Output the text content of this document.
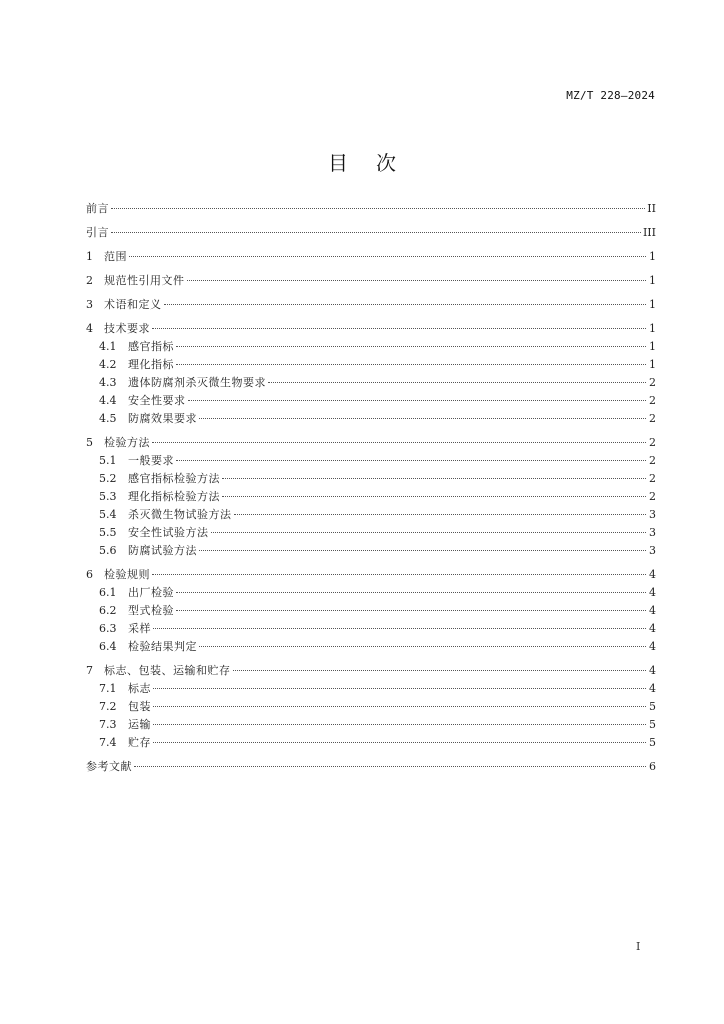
MZ/T 228—2024
目次
前言	II
引言	III
1	范围	1
2	规范性引用文件	1
3	术语和定义	1
4	技术要求	1
4.1	感官指标	1
4.2	理化指标	1
4.3	遗体防腐剂杀灭微生物要求	2
4.4	安全性要求	2
4.5	防腐效果要求	2
5	检验方法	2
5.1	一般要求	2
5.2	感官指标检验方法	2
5.3	理化指标检验方法	2
5.4	杀灭微生物试验方法	3
5.5	安全性试验方法	3
5.6	防腐试验方法	3
6	检验规则	4
6.1	出厂检验	4
6.2	型式检验	4
6.3	采样	4
6.4	检验结果判定	4
7	标志、包装、运输和贮存	4
7.1	标志	4
7.2	包装	5
7.3	运输	5
7.4	贮存	5
参考文献	6
I
